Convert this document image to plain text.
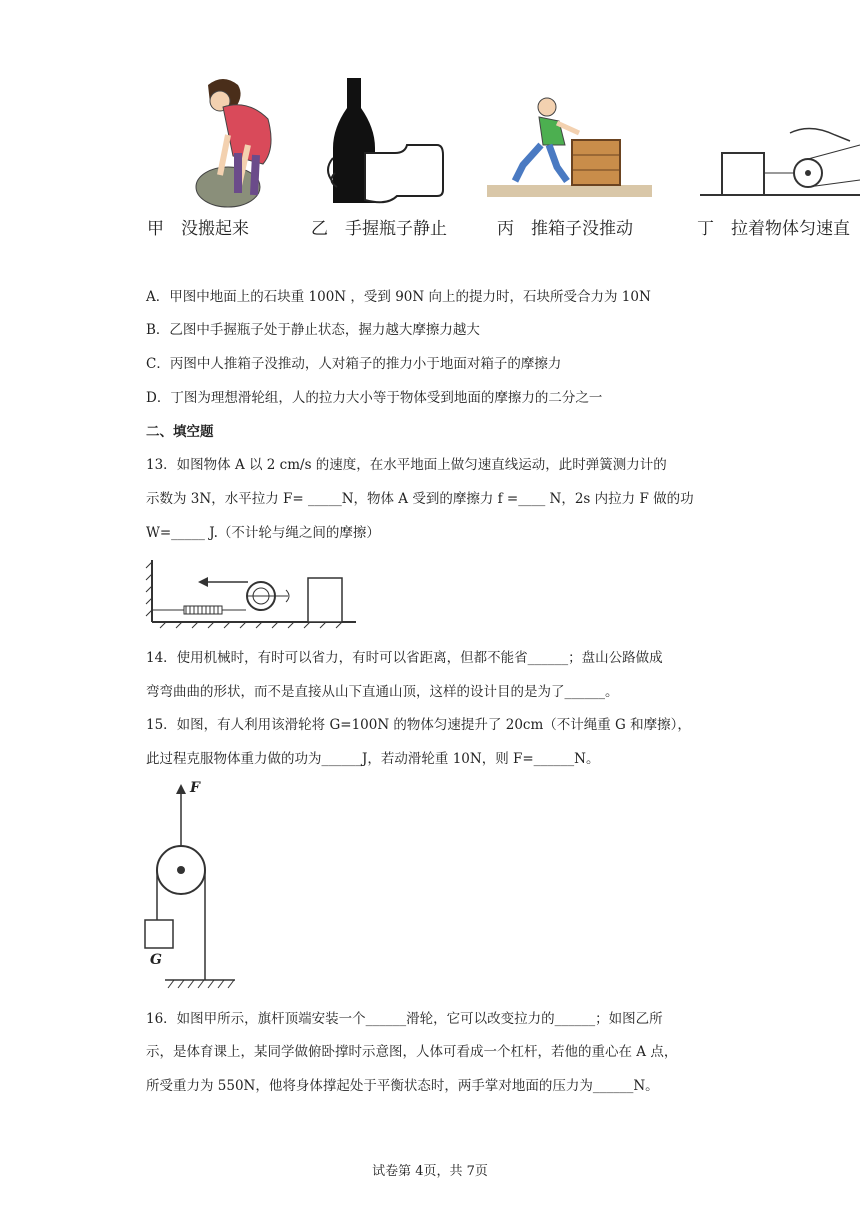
甲　没搬起来	乙　手握瓶子静止	丙　推箱子没推动	丁　拉着物体匀速直
A．甲图中地面上的石块重 100N ，受到 90N 向上的提力时，石块所受合力为 10N
B．乙图中手握瓶子处于静止状态，握力越大摩擦力越大
C．丙图中人推箱子没推动，人对箱子的推力小于地面对箱子的摩擦力
D．丁图为理想滑轮组，人的拉力大小等于物体受到地面的摩擦力的二分之一
二、填空题
13．如图物体 A 以 2 cm/s 的速度，在水平地面上做匀速直线运动，此时弹簧测力计的
示数为 3N，水平拉力 F= _____N，物体 A 受到的摩擦力 f =____ N，2s 内拉力 F 做的功
W=_____ J.（不计轮与绳之间的摩擦）
14．使用机械时，有时可以省力，有时可以省距离，但都不能省______；盘山公路做成
弯弯曲曲的形状，而不是直接从山下直通山顶，这样的设计目的是为了______。
15．如图，有人利用该滑轮将 G=100N 的物体匀速提升了 20cm（不计绳重 G 和摩擦），
此过程克服物体重力做的功为______J，若动滑轮重 10N，则 F=______N。
F
G
16．如图甲所示，旗杆顶端安装一个______滑轮，它可以改变拉力的______；如图乙所
示，是体育课上，某同学做俯卧撑时示意图，人体可看成一个杠杆，若他的重心在 A 点，
所受重力为 550N，他将身体撑起处于平衡状态时，两手掌对地面的压力为______N。
试卷第 4页，共 7页
